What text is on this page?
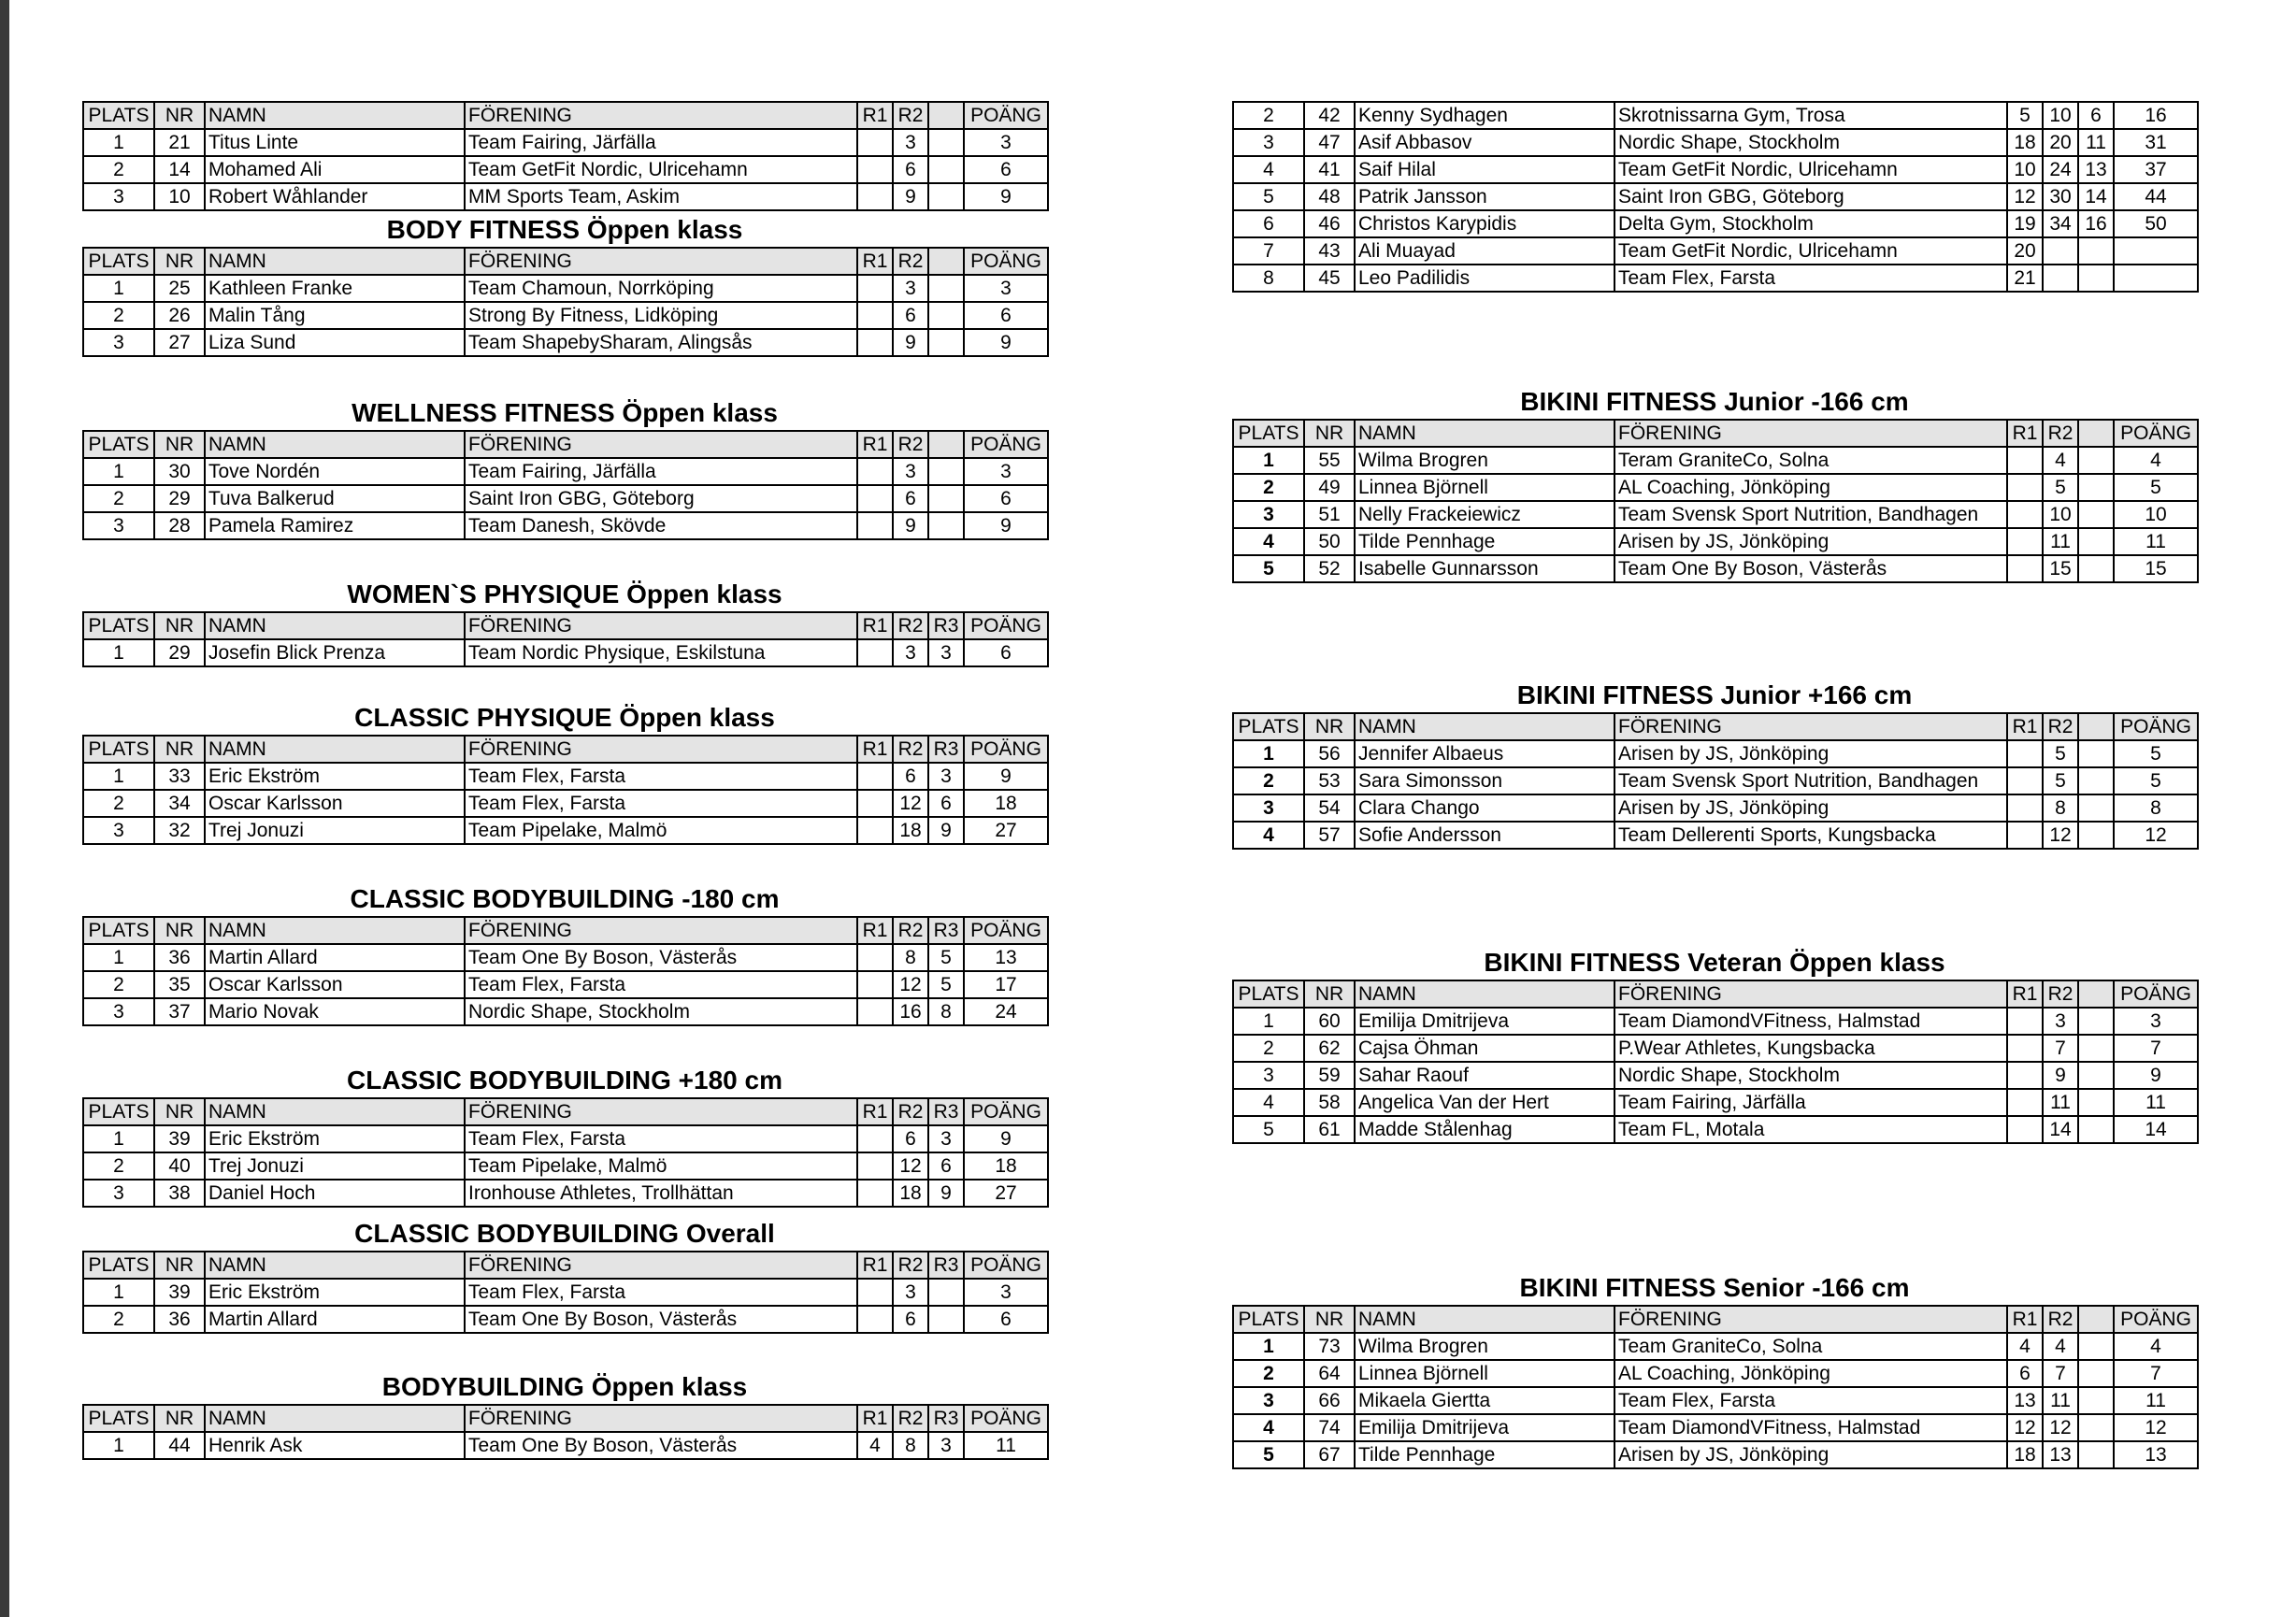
PLATS	NR	NAMN	FÖRENING	R1	R2		POÄNG
1	21	Titus Linte	Team Fairing, Järfälla		3		3
2	14	Mohamed Ali	Team GetFit Nordic, Ulricehamn		6		6
3	10	Robert Wåhlander	MM Sports Team, Askim		9		9
BODY FITNESS Öppen klass
PLATS	NR	NAMN	FÖRENING	R1	R2		POÄNG
1	25	Kathleen Franke	Team Chamoun, Norrköping		3		3
2	26	Malin Tång	Strong By Fitness, Lidköping		6		6
3	27	Liza Sund	Team ShapebySharam, Alingsås		9		9
WELLNESS FITNESS Öppen klass
PLATS	NR	NAMN	FÖRENING	R1	R2		POÄNG
1	30	Tove Nordén	Team Fairing, Järfälla		3		3
2	29	Tuva Balkerud	Saint Iron GBG, Göteborg		6		6
3	28	Pamela Ramirez	Team Danesh, Skövde		9		9
WOMEN`S PHYSIQUE Öppen klass
PLATS	NR	NAMN	FÖRENING	R1	R2	R3	POÄNG
1	29	Josefin Blick Prenza	Team Nordic Physique, Eskilstuna		3	3	6
CLASSIC PHYSIQUE Öppen klass
PLATS	NR	NAMN	FÖRENING	R1	R2	R3	POÄNG
1	33	Eric Ekström	Team Flex, Farsta		6	3	9
2	34	Oscar Karlsson	Team Flex, Farsta		12	6	18
3	32	Trej Jonuzi	Team Pipelake, Malmö		18	9	27
CLASSIC BODYBUILDING -180 cm
PLATS	NR	NAMN	FÖRENING	R1	R2	R3	POÄNG
1	36	Martin Allard	Team One By Boson, Västerås		8	5	13
2	35	Oscar Karlsson	Team Flex, Farsta		12	5	17
3	37	Mario Novak	Nordic Shape, Stockholm		16	8	24
CLASSIC BODYBUILDING +180 cm
PLATS	NR	NAMN	FÖRENING	R1	R2	R3	POÄNG
1	39	Eric Ekström	Team Flex, Farsta		6	3	9
2	40	Trej Jonuzi	Team Pipelake, Malmö		12	6	18
3	38	Daniel Hoch	Ironhouse Athletes, Trollhättan		18	9	27
CLASSIC BODYBUILDING Overall
PLATS	NR	NAMN	FÖRENING	R1	R2	R3	POÄNG
1	39	Eric Ekström	Team Flex, Farsta		3		3
2	36	Martin Allard	Team One By Boson, Västerås		6		6
BODYBUILDING Öppen klass
PLATS	NR	NAMN	FÖRENING	R1	R2	R3	POÄNG
1	44	Henrik Ask	Team One By Boson, Västerås	4	8	3	11
2	42	Kenny Sydhagen	Skrotnissarna Gym, Trosa	5	10	6	16
3	47	Asif Abbasov	Nordic Shape, Stockholm	18	20	11	31
4	41	Saif Hilal	Team GetFit Nordic, Ulricehamn	10	24	13	37
5	48	Patrik Jansson	Saint Iron GBG, Göteborg	12	30	14	44
6	46	Christos Karypidis	Delta Gym, Stockholm	19	34	16	50
7	43	Ali Muayad	Team GetFit Nordic, Ulricehamn	20			
8	45	Leo Padilidis	Team Flex, Farsta	21			
BIKINI FITNESS Junior -166 cm
PLATS	NR	NAMN	FÖRENING	R1	R2		POÄNG
1	55	Wilma Brogren	Teram GraniteCo, Solna		4		4
2	49	Linnea Björnell	AL Coaching, Jönköping		5		5
3	51	Nelly Frackeiewicz	Team Svensk Sport Nutrition, Bandhagen		10		10
4	50	Tilde Pennhage	Arisen by JS, Jönköping		11		11
5	52	Isabelle Gunnarsson	Team One By Boson, Västerås		15		15
BIKINI FITNESS Junior +166 cm
PLATS	NR	NAMN	FÖRENING	R1	R2		POÄNG
1	56	Jennifer Albaeus	Arisen by JS, Jönköping		5		5
2	53	Sara Simonsson	Team Svensk Sport Nutrition, Bandhagen		5		5
3	54	Clara Chango	Arisen by JS, Jönköping		8		8
4	57	Sofie Andersson	Team Dellerenti Sports, Kungsbacka		12		12
BIKINI FITNESS Veteran Öppen klass
PLATS	NR	NAMN	FÖRENING	R1	R2		POÄNG
1	60	Emilija Dmitrijeva	Team DiamondVFitness, Halmstad		3		3
2	62	Cajsa Öhman	P.Wear Athletes, Kungsbacka		7		7
3	59	Sahar Raouf	Nordic Shape, Stockholm		9		9
4	58	Angelica Van der Hert	Team Fairing, Järfälla		11		11
5	61	Madde Stålenhag	Team FL, Motala		14		14
BIKINI FITNESS Senior -166 cm
PLATS	NR	NAMN	FÖRENING	R1	R2		POÄNG
1	73	Wilma Brogren	Team GraniteCo, Solna	4	4		4
2	64	Linnea Björnell	AL Coaching, Jönköping	6	7		7
3	66	Mikaela Giertta	Team Flex, Farsta	13	11		11
4	74	Emilija Dmitrijeva	Team DiamondVFitness, Halmstad	12	12		12
5	67	Tilde Pennhage	Arisen by JS, Jönköping	18	13		13
